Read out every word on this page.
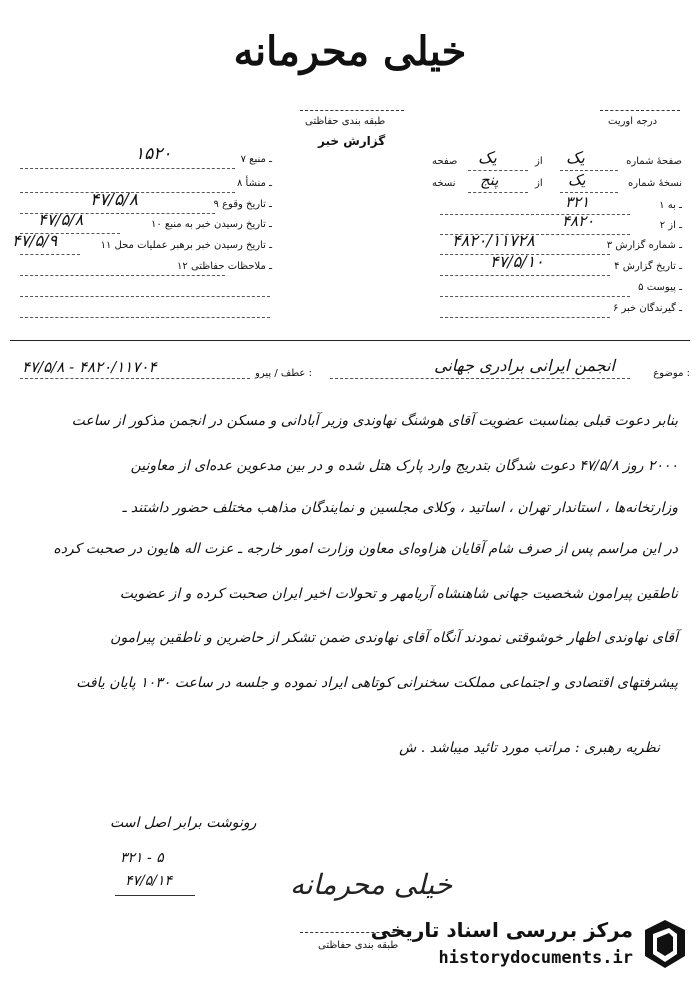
خیلی محرمانه
طبقه بندی حفاظتی	درجه اوریت
گزارش خبر
صفحهٔ شماره
یک
از
یک
صفحه
نسخهٔ شماره
یک
از
پنج
نسخه
۱ ـ به
۳۲۱
۲ ـ از
۴۸۲۰
۳ ـ شماره گزارش
۴۸۲۰/۱۱۷۲۸
۴ ـ تاریخ گزارش
۴۷/۵/۱۰
۵ ـ پیوست
۶ ـ گیرندگان خبر
۷ ـ منبع
۱۵۲۰
۸ ـ منشأ
۹ ـ تاریخ وقوع
۴۷/۵/۸
۱۰ ـ تاریخ رسیدن خبر به منبع
۴۷/۵/۸
۱۱ ـ تاریخ رسیدن خبر برهبر عملیات محل
۴۷/۵/۹
۱۲ ـ ملاحظات حفاظتی
موضوع :
انجمن ایرانی برادری جهانی
عطف / پیرو :
۴۷/۵/۸ - ۴۸۲۰/۱۱۷۰۴
بنابر دعوت قبلی بمناسبت عضویت آقای هوشنگ نهاوندی وزیر آبادانی و مسکن در انجمن مذکور از ساعت
۲۰۰۰ روز ۴۷/۵/۸ دعوت شدگان بتدریج وارد پارک هتل شده و در بین مدعوین عده‌ای از معاونین
وزارتخانه‌ها ، استاندار تهران ، اساتید ، وکلای مجلسین و نمایندگان مذاهب مختلف حضور داشتند ـ
در این مراسم پس از صرف شام آقایان هزاوه‌ای معاون وزارت امور خارجه ـ عزت اله هایون در صحبت کرده
ناطقین پیرامون شخصیت جهانی شاهنشاه آریامهر و تحولات اخیر ایران صحبت کرده و از عضویت
آقای نهاوندی اظهار خوشوقتی نمودند آنگاه آقای نهاوندی ضمن تشکر از حاضرین و ناطقین پیرامون
پیشرفتهای اقتصادی و اجتماعی مملکت سخنرانی کوتاهی ایراد نموده و جلسه در ساعت ۱۰۳۰ پایان یافت
نظریه رهبری : مراتب مورد تائید میباشد . ش
رونوشت برابر اصل است
۳۲۱ - ۵
۴۷/۵/۱۴	خیلی محرمانه
طبقه بندی حفاظتی
مرکز بررسی اسناد تاریخی
historydocuments.ir
